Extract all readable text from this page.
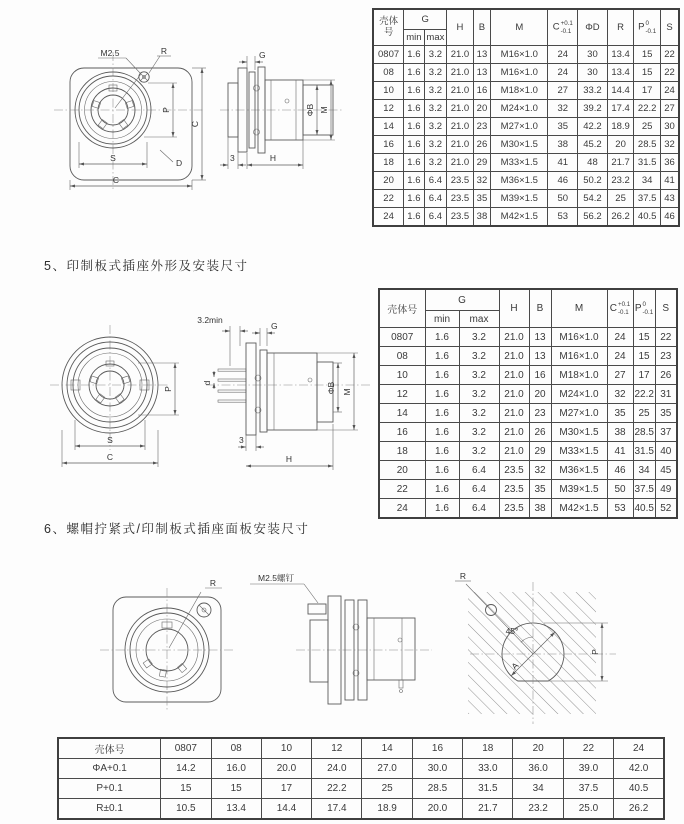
M2.5	R
P
C
S
C
D
G
ΦB M
3	H
壳体号	G		H	B	M	C +0.1
-0.1	ΦD	R	P 0
-0.1	S
	min	max								
0807	1.6	3.2	21.0	13	M16×1.0	24	30	13.4	15	22
08	1.6	3.2	21.0	13	M16×1.0	24	30	13.4	15	22
10	1.6	3.2	21.0	16	M18×1.0	27	33.2	14.4	17	24
12	1.6	3.2	21.0	20	M24×1.0	32	39.2	17.4	22.2	27
14	1.6	3.2	21.0	23	M27×1.0	35	42.2	18.9	25	30
16	1.6	3.2	21.0	26	M30×1.5	38	45.2	20	28.5	32
18	1.6	3.2	21.0	29	M33×1.5	41	48	21.7	31.5	36
20	1.6	6.4	23.5	32	M36×1.5	46	50.2	23.2	34	41
22	1.6	6.4	23.5	35	M39×1.5	50	54.2	25	37.5	43
24	1.6	6.4	23.5	38	M42×1.5	53	56.2	26.2	40.5	46
5、印制板式插座外形及安装尺寸
P
S
C
d
3.2min
G
ΦB M
3
H
壳体号	G		H	B	M	C +0.1
-0.1	P 0
-0.1	S
	min	max						
0807	1.6	3.2	21.0	13	M16×1.0	24	15	22
08	1.6	3.2	21.0	13	M16×1.0	24	15	23
10	1.6	3.2	21.0	16	M18×1.0	27	17	26
12	1.6	3.2	21.0	20	M24×1.0	32	22.2	31
14	1.6	3.2	21.0	23	M27×1.0	35	25	35
16	1.6	3.2	21.0	26	M30×1.5	38	28.5	37
18	1.6	3.2	21.0	29	M33×1.5	41	31.5	40
20	1.6	6.4	23.5	32	M36×1.5	46	34	45
22	1.6	6.4	23.5	35	M39×1.5	50	37.5	49
24	1.6	6.4	23.5	38	M42×1.5	53	40.5	52
6、螺帽拧紧式/印制板式插座面板安装尺寸
R	M2.5螺钉	R
45°
A
P
壳体号	0807	08	10	12	14	16	18	20	22	24
ΦA+0.1	14.2	16.0	20.0	24.0	27.0	30.0	33.0	36.0	39.0	42.0
P+0.1	15	15	17	22.2	25	28.5	31.5	34	37.5	40.5
R±0.1	10.5	13.4	14.4	17.4	18.9	20.0	21.7	23.2	25.0	26.2
